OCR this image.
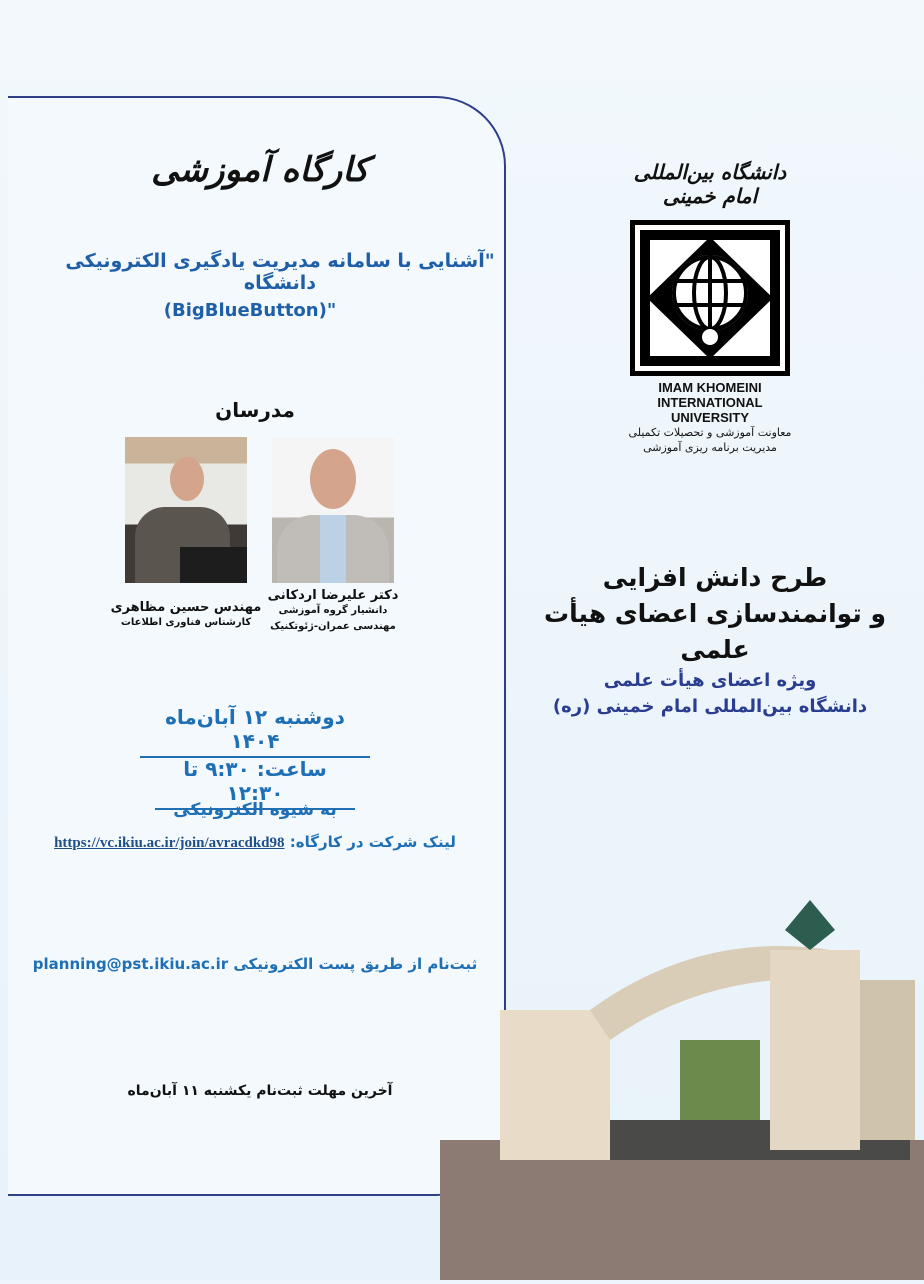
کارگاه آموزشی
"آشنایی با سامانه مدیریت یادگیری الکترونیکی دانشگاه
(BigBlueButton)"
مدرسان
دکتر علیرضا اردکانی
دانشیار گروه آموزشی
مهندسی عمران-ژئوتکنیک
مهندس حسین مظاهری
کارشناس فناوری اطلاعات
دوشنبه ۱۲ آبان‌ماه ۱۴۰۴
ساعت: ۹:۳۰ تا ۱۲:۳۰
به شیوه الکترونیکی
لینک شرکت در کارگاه: https://vc.ikiu.ac.ir/join/avracdkd98
ثبت‌نام از طریق پست الکترونیکی planning@pst.ikiu.ac.ir
آخرین مهلت ثبت‌نام یکشنبه ۱۱ آبان‌ماه
دانشگاه بین‌المللی امام خمینی
IMAM KHOMEINI
INTERNATIONAL UNIVERSITY
معاونت آموزشی و تحصیلات تکمیلی
مدیریت برنامه ریزی آموزشی
طرح دانش افزایی
و توانمندسازی اعضای هیأت علمی
ویژه اعضای هیأت علمی
دانشگاه بین‌المللی امام خمینی (ره)
